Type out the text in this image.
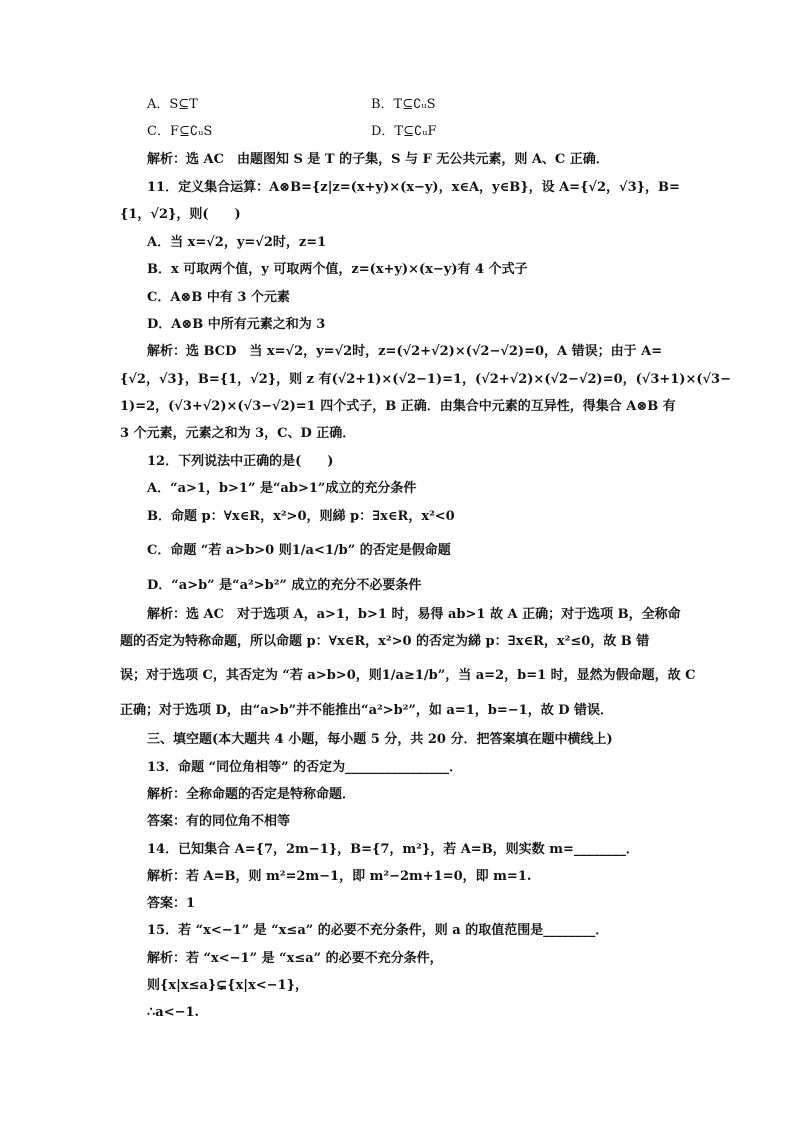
A．S⊆T	B．T⊆∁ᵤS
C．F⊆∁ᵤS	D．T⊆∁ᵤF
解析：选 AC　由题图知 S 是 T 的子集，S 与 F 无公共元素，则 A、C 正确．
11．定义集合运算：A⊗B={z|z=(x+y)×(x−y)，x∈A，y∈B}，设 A={√2，√3}，B=
{1，√2}，则(　　)
A．当 x=√2，y=√2时，z=1
B．x 可取两个值，y 可取两个值，z=(x+y)×(x−y)有 4 个式子
C．A⊗B 中有 3 个元素
D．A⊗B 中所有元素之和为 3
解析：选 BCD　当 x=√2，y=√2时，z=(√2+√2)×(√2−√2)=0，A 错误；由于 A=
{√2，√3}，B={1，√2}，则 z 有(√2+1)×(√2−1)=1，(√2+√2)×(√2−√2)=0，(√3+1)×(√3−
1)=2，(√3+√2)×(√3−√2)=1 四个式子，B 正确．由集合中元素的互异性，得集合 A⊗B 有
3 个元素，元素之和为 3，C、D 正确．
12．下列说法中正确的是(　　)
A．“a>1，b>1” 是“ab>1”成立的充分条件
B．命题 p：∀x∈R，x²>0，则綈 p：∃x∈R，x²<0
C．命题 “若 a>b>0 则1/a<1/b” 的否定是假命题
D．“a>b” 是“a²>b²” 成立的充分不必要条件
解析：选 AC　对于选项 A，a>1，b>1 时，易得 ab>1 故 A 正确；对于选项 B，全称命
题的否定为特称命题，所以命题 p：∀x∈R，x²>0 的否定为綈 p：∃x∈R，x²≤0，故 B 错
误；对于选项 C，其否定为 “若 a>b>0，则1/a≥1/b”，当 a=2，b=1 时，显然为假命题，故 C
正确；对于选项 D，由“a>b”并不能推出“a²>b²”，如 a=1，b=−1，故 D 错误．
三、填空题(本大题共 4 小题，每小题 5 分，共 20 分．把答案填在题中横线上)
13．命题 “同位角相等” 的否定为________________．
解析：全称命题的否定是特称命题．
答案：有的同位角不相等
14．已知集合 A={7，2m−1}，B={7，m²}，若 A=B，则实数 m=________．
解析：若 A=B，则 m²=2m−1，即 m²−2m+1=0，即 m=1.
答案：1
15．若 “x<−1” 是 “x≤a” 的必要不充分条件，则 a 的取值范围是________．
解析：若 “x<−1” 是 “x≤a” 的必要不充分条件，
则{x|x≤a}⊊{x|x<−1}，
∴a<−1.
